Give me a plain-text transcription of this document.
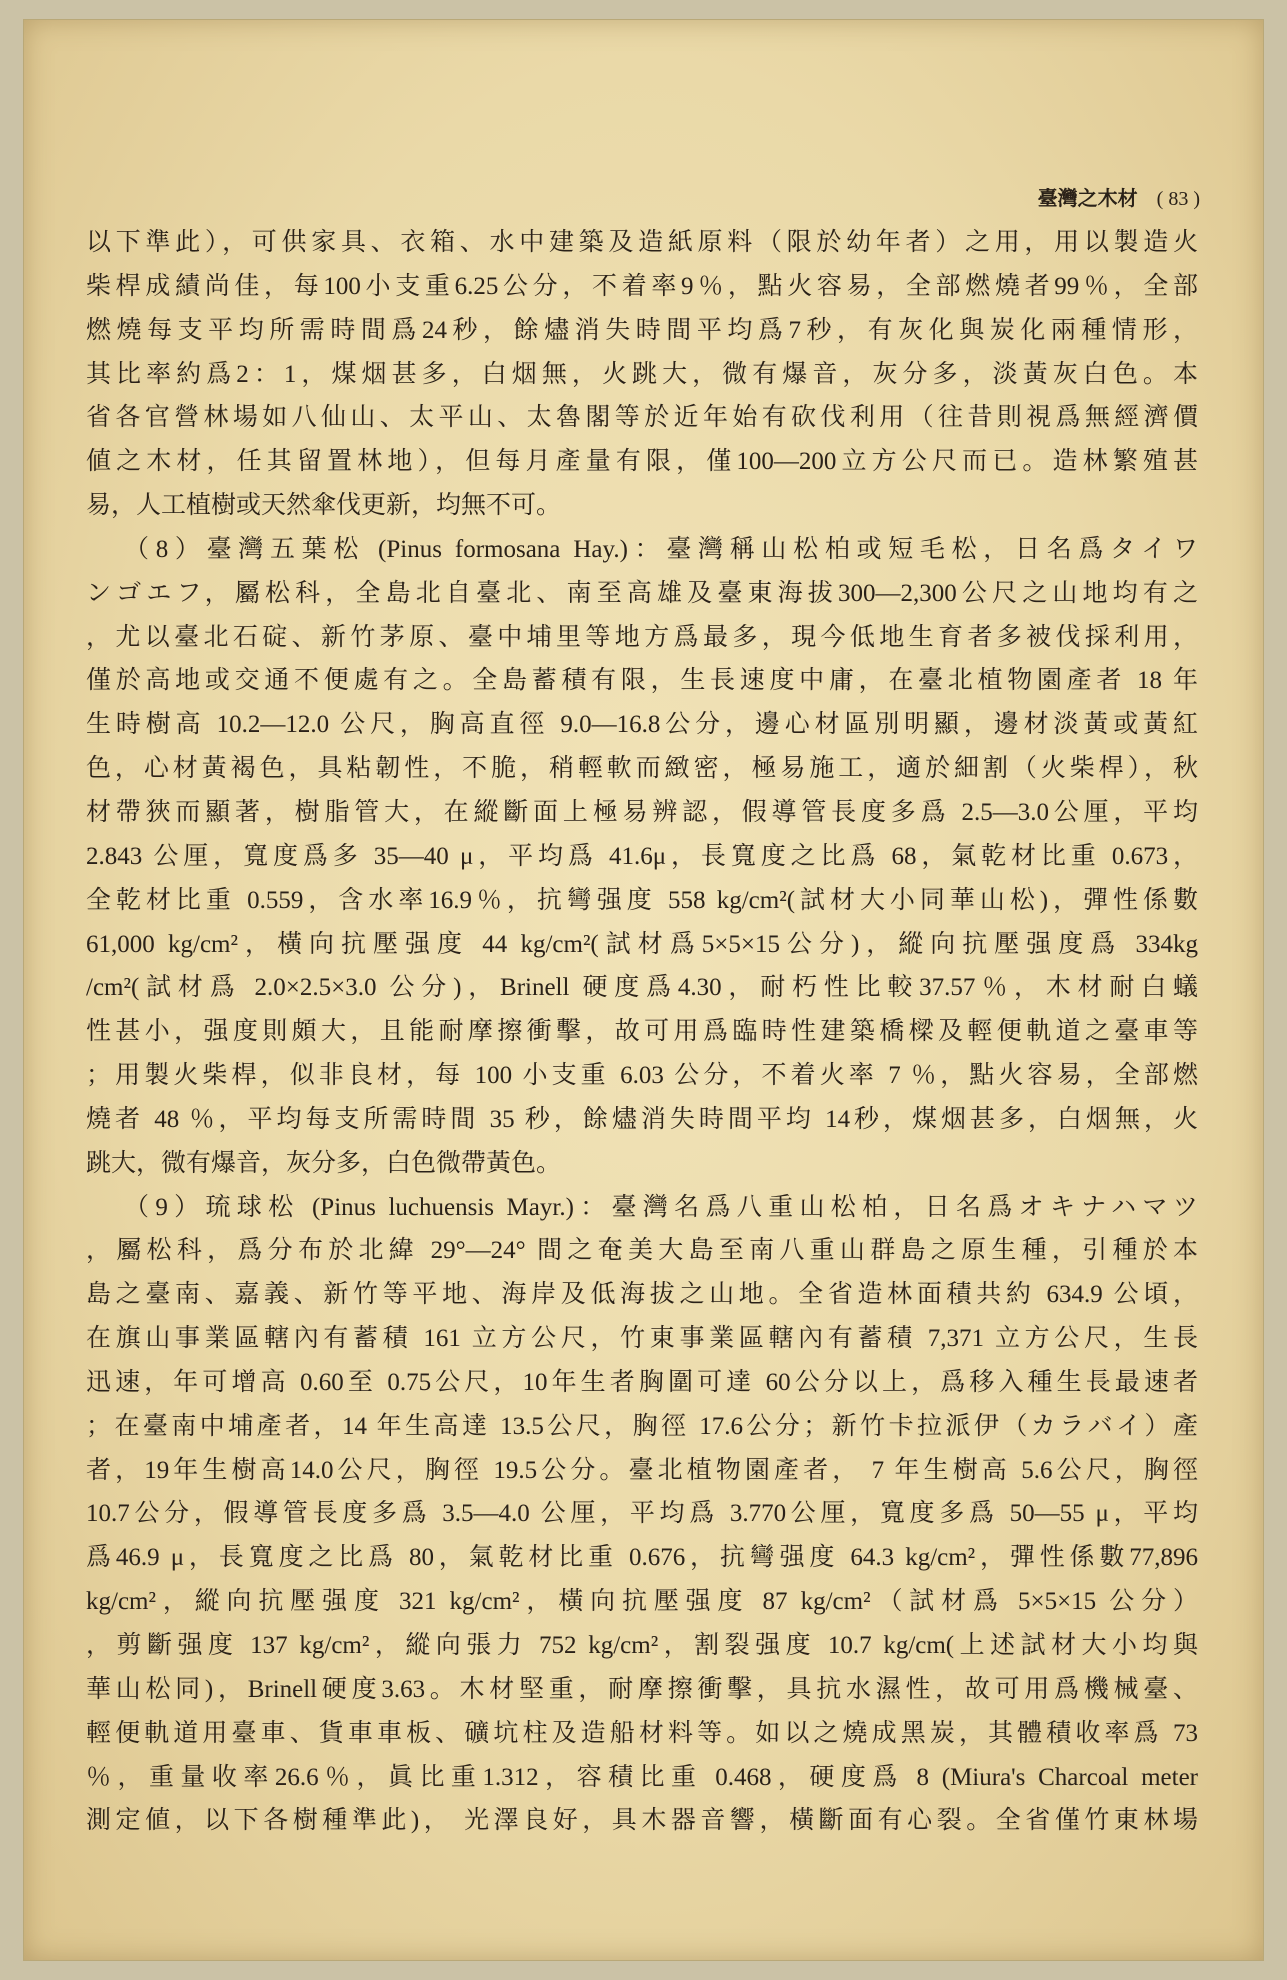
臺灣之木材 ( 83 )
以下準此），可供家具、衣箱、水中建築及造紙原料（限於幼年者）之用，用以製造火
柴桿成績尚佳，每100小支重6.25公分，不着率9％，點火容易，全部燃燒者99％，全部
燃燒每支平均所需時間爲24秒，餘燼消失時間平均爲7秒，有灰化與炭化兩種情形，
其比率約爲2：1，煤烟甚多，白烟無，火跳大，微有爆音，灰分多，淡黃灰白色。本
省各官營林場如八仙山、太平山、太魯閣等於近年始有砍伐利用（往昔則視爲無經濟價
値之木材，任其留置林地），但每月產量有限，僅100—200立方公尺而已。造林繁殖甚
易，人工植樹或天然傘伐更新，均無不可。
（8）臺灣五葉松 (Pinus formosana Hay.)：臺灣稱山松柏或短毛松，日名爲タイワ
ンゴエフ，屬松科，全島北自臺北、南至高雄及臺東海拔300—2,300公尺之山地均有之
，尤以臺北石碇、新竹茅原、臺中埔里等地方爲最多，現今低地生育者多被伐採利用，
僅於高地或交通不便處有之。全島蓄積有限，生長速度中庸，在臺北植物園產者 18 年
生時樹高 10.2—12.0 公尺，胸高直徑 9.0—16.8公分，邊心材區別明顯，邊材淡黃或黃紅
色，心材黃褐色，具粘韌性，不脆，稍輕軟而緻密，極易施工，適於細割（火柴桿），秋
材帶狹而顯著，樹脂管大，在縱斷面上極易辨認，假導管長度多爲 2.5—3.0公厘，平均
2.843 公厘，寬度爲多 35—40 μ，平均爲 41.6μ，長寬度之比爲 68，氣乾材比重 0.673，
全乾材比重 0.559，含水率16.9％，抗彎强度 558 kg/cm²(試材大小同華山松)，彈性係數
61,000 kg/cm²，橫向抗壓强度 44 kg/cm²(試材爲5×5×15公分)，縱向抗壓强度爲 334kg
/cm²(試材爲 2.0×2.5×3.0 公分)，Brinell 硬度爲4.30，耐朽性比較37.57％，木材耐白蟻
性甚小，强度則頗大，且能耐摩擦衝擊，故可用爲臨時性建築橋樑及輕便軌道之臺車等
；用製火柴桿，似非良材，每 100 小支重 6.03 公分，不着火率 7 ％，點火容易，全部燃
燒者 48 ％，平均每支所需時間 35 秒，餘燼消失時間平均 14秒，煤烟甚多，白烟無，火
跳大，微有爆音，灰分多，白色微帶黃色。
（9）琉球松 (Pinus luchuensis Mayr.)：臺灣名爲八重山松柏，日名爲オキナハマツ
，屬松科，爲分布於北緯 29°—24° 間之奄美大島至南八重山群島之原生種，引種於本
島之臺南、嘉義、新竹等平地、海岸及低海拔之山地。全省造林面積共約 634.9 公頃，
在旗山事業區轄內有蓄積 161 立方公尺，竹東事業區轄內有蓄積 7,371 立方公尺，生長
迅速，年可增高 0.60至 0.75公尺，10年生者胸圍可達 60公分以上，爲移入種生長最速者
；在臺南中埔產者，14 年生高達 13.5公尺，胸徑 17.6公分；新竹卡拉派伊（カラバイ）產
者，19年生樹高14.0公尺，胸徑 19.5公分。臺北植物園產者， 7 年生樹高 5.6公尺，胸徑
10.7公分，假導管長度多爲 3.5—4.0 公厘，平均爲 3.770公厘，寬度多爲 50—55 μ，平均
爲46.9 μ，長寬度之比爲 80，氣乾材比重 0.676，抗彎强度 64.3 kg/cm²，彈性係數77,896
kg/cm²，縱向抗壓强度 321 kg/cm²，橫向抗壓强度 87 kg/cm²（試材爲 5×5×15 公分）
，剪斷强度 137 kg/cm²，縱向張力 752 kg/cm²，割裂强度 10.7 kg/cm(上述試材大小均與
華山松同)，Brinell硬度3.63。木材堅重，耐摩擦衝擊，具抗水濕性，故可用爲機械臺、
輕便軌道用臺車、貨車車板、礦坑柱及造船材料等。如以之燒成黑炭，其體積收率爲 73
％，重量收率26.6％，眞比重1.312，容積比重 0.468，硬度爲 8 (Miura's Charcoal meter
測定値，以下各樹種準此)， 光澤良好，具木器音響，橫斷面有心裂。全省僅竹東林場
